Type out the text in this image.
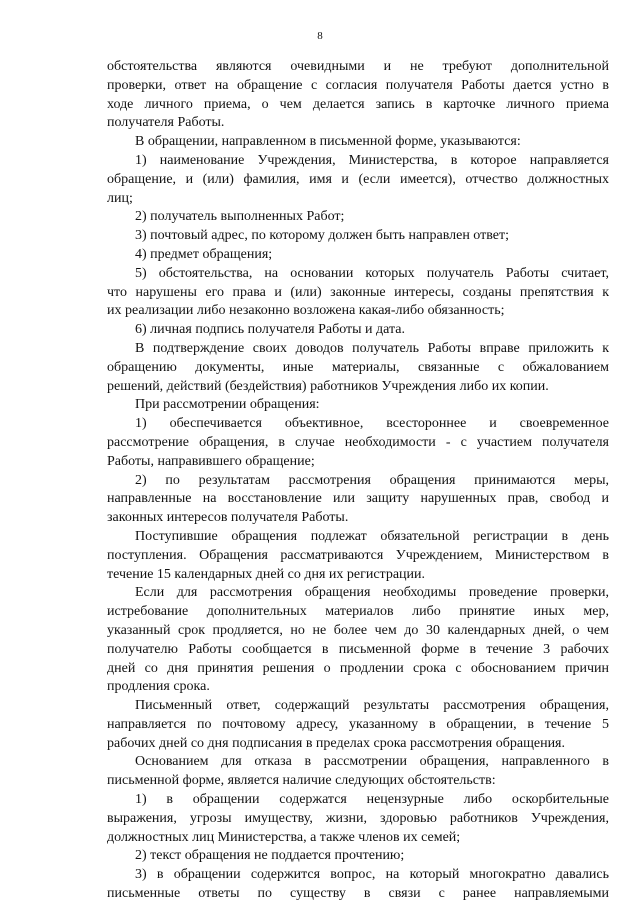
8
обстоятельства являются очевидными и не требуют дополнительной
проверки, ответ на обращение с согласия получателя Работы дается устно в
ходе личного приема, о чем делается запись в карточке личного приема
получателя Работы.
В обращении, направленном в письменной форме, указываются:
1) наименование Учреждения, Министерства, в которое направляется
обращение, и (или) фамилия, имя и (если имеется), отчество должностных
лиц;
2) получатель выполненных Работ;
3) почтовый адрес, по которому должен быть направлен ответ;
4) предмет обращения;
5) обстоятельства, на основании которых получатель Работы считает,
что нарушены его права и (или) законные интересы, созданы препятствия к
их реализации либо незаконно возложена какая-либо обязанность;
6) личная подпись получателя Работы и дата.
В подтверждение своих доводов получатель Работы вправе приложить к
обращению документы, иные материалы, связанные с обжалованием
решений, действий (бездействия) работников Учреждения либо их копии.
При рассмотрении обращения:
1) обеспечивается объективное, всестороннее и своевременное
рассмотрение обращения, в случае необходимости - с участием получателя
Работы, направившего обращение;
2) по результатам рассмотрения обращения принимаются меры,
направленные на восстановление или защиту нарушенных прав, свобод и
законных интересов получателя Работы.
Поступившие обращения подлежат обязательной регистрации в день
поступления. Обращения рассматриваются Учреждением, Министерством в
течение 15 календарных дней со дня их регистрации.
Если для рассмотрения обращения необходимы проведение проверки,
истребование дополнительных материалов либо принятие иных мер,
указанный срок продляется, но не более чем до 30 календарных дней, о чем
получателю Работы сообщается в письменной форме в течение 3 рабочих
дней со дня принятия решения о продлении срока с обоснованием причин
продления срока.
Письменный ответ, содержащий результаты рассмотрения обращения,
направляется по почтовому адресу, указанному в обращении, в течение 5
рабочих дней со дня подписания в пределах срока рассмотрения обращения.
Основанием для отказа в рассмотрении обращения, направленного в
письменной форме, является наличие следующих обстоятельств:
1) в обращении содержатся нецензурные либо оскорбительные
выражения, угрозы имуществу, жизни, здоровью работников Учреждения,
должностных лиц Министерства, а также членов их семей;
2) текст обращения не поддается прочтению;
3) в обращении содержится вопрос, на который многократно давались
письменные ответы по существу в связи с ранее направляемыми
